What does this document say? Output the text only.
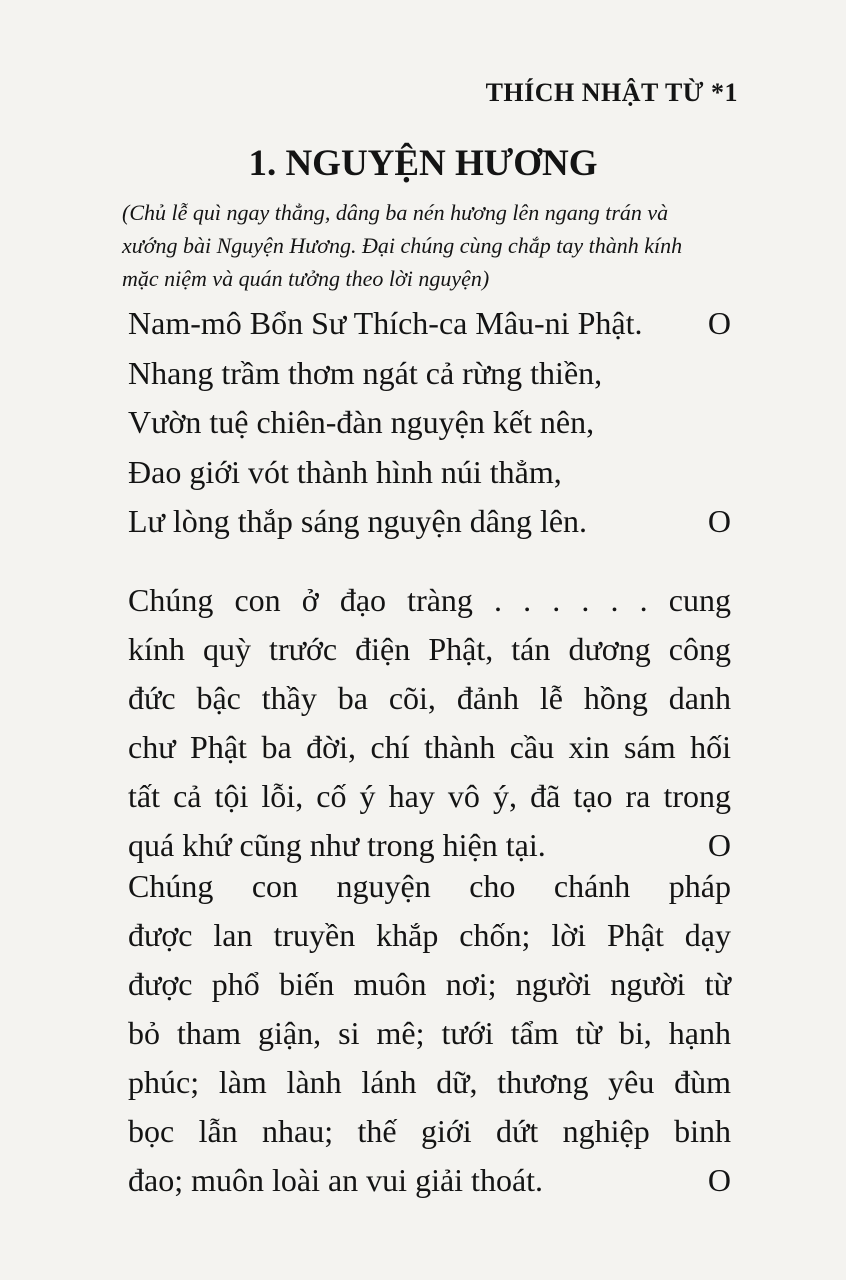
THÍCH NHẬT TỪ *1
1. NGUYỆN HƯƠNG
(Chủ lễ quì ngay thẳng, dâng ba nén hương lên ngang trán và
xướng bài Nguyện Hương. Đại chúng cùng chắp tay thành kính
mặc niệm và quán tưởng theo lời nguyện)
Nam-mô Bổn Sư Thích-ca Mâu-ni Phật. O
Nhang trầm thơm ngát cả rừng thiền,
Vườn tuệ chiên-đàn nguyện kết nên,
Đao giới vót thành hình núi thẳm,
Lư lòng thắp sáng nguyện dâng lên.	O
Chúng con ở đạo tràng . . . . . . cung
kính quỳ trước điện Phật, tán dương công
đức bậc thầy ba cõi, đảnh lễ hồng danh
chư Phật ba đời, chí thành cầu xin sám hối
tất cả tội lỗi, cố ý hay vô ý, đã tạo ra trong
quá khứ cũng như trong hiện tại.	O
Chúng con nguyện cho chánh pháp
được lan truyền khắp chốn; lời Phật dạy
được phổ biến muôn nơi; người người từ
bỏ tham giận, si mê; tưới tẩm từ bi, hạnh
phúc; làm lành lánh dữ, thương yêu đùm
bọc lẫn nhau; thế giới dứt nghiệp binh
đao; muôn loài an vui giải thoát.	O
